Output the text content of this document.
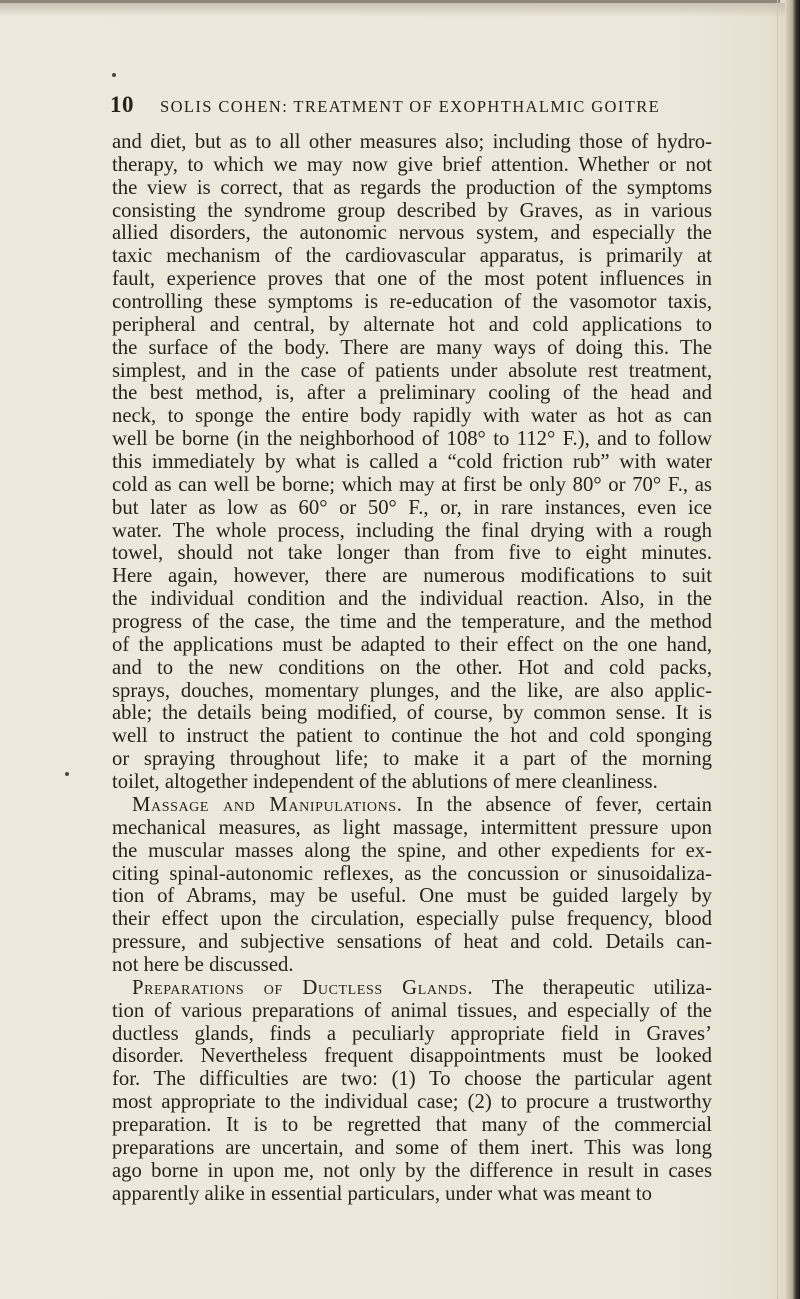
10 SOLIS COHEN: TREATMENT OF EXOPHTHALMIC GOITRE
and diet, but as to all other measures also; including those of hydro-
therapy, to which we may now give brief attention. Whether or not
the view is correct, that as regards the production of the symptoms
consisting the syndrome group described by Graves, as in various
allied disorders, the autonomic nervous system, and especially the
taxic mechanism of the cardiovascular apparatus, is primarily at
fault, experience proves that one of the most potent influences in
controlling these symptoms is re-education of the vasomotor taxis,
peripheral and central, by alternate hot and cold applications to
the surface of the body. There are many ways of doing this. The
simplest, and in the case of patients under absolute rest treatment,
the best method, is, after a preliminary cooling of the head and
neck, to sponge the entire body rapidly with water as hot as can
well be borne (in the neighborhood of 108° to 112° F.), and to follow
this immediately by what is called a “cold friction rub” with water
cold as can well be borne; which may at first be only 80° or 70° F., as
but later as low as 60° or 50° F., or, in rare instances, even ice
water. The whole process, including the final drying with a rough
towel, should not take longer than from five to eight minutes.
Here again, however, there are numerous modifications to suit
the individual condition and the individual reaction. Also, in the
progress of the case, the time and the temperature, and the method
of the applications must be adapted to their effect on the one hand,
and to the new conditions on the other. Hot and cold packs,
sprays, douches, momentary plunges, and the like, are also applic-
able; the details being modified, of course, by common sense. It is
well to instruct the patient to continue the hot and cold sponging
or spraying throughout life; to make it a part of the morning
toilet, altogether independent of the ablutions of mere cleanliness.
Massage and Manipulations. In the absence of fever, certain
mechanical measures, as light massage, intermittent pressure upon
the muscular masses along the spine, and other expedients for ex-
citing spinal-autonomic reflexes, as the concussion or sinusoidaliza-
tion of Abrams, may be useful. One must be guided largely by
their effect upon the circulation, especially pulse frequency, blood
pressure, and subjective sensations of heat and cold. Details can-
not here be discussed.
Preparations of Ductless Glands. The therapeutic utiliza-
tion of various preparations of animal tissues, and especially of the
ductless glands, finds a peculiarly appropriate field in Graves’
disorder. Nevertheless frequent disappointments must be looked
for. The difficulties are two: (1) To choose the particular agent
most appropriate to the individual case; (2) to procure a trustworthy
preparation. It is to be regretted that many of the commercial
preparations are uncertain, and some of them inert. This was long
ago borne in upon me, not only by the difference in result in cases
apparently alike in essential particulars, under what was meant to
